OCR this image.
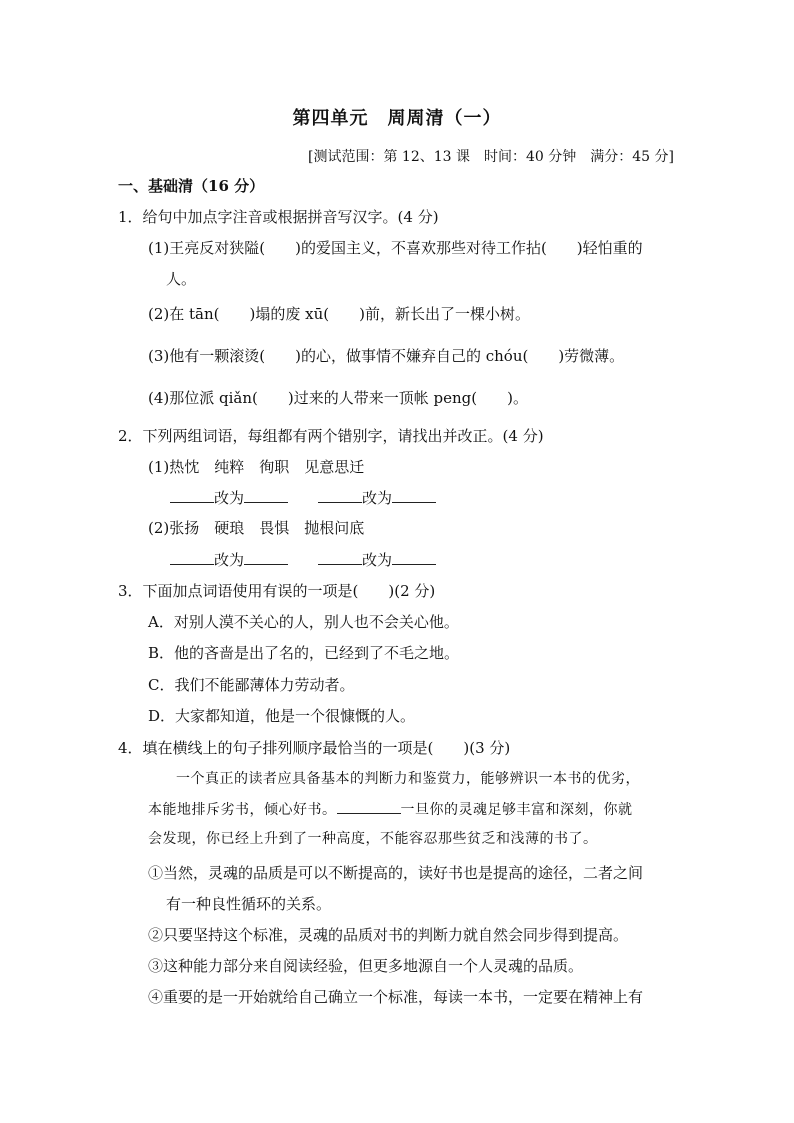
第四单元　周周清（一）
[测试范围：第 12、13 课　时间：40 分钟　满分：45 分]
一、基础清（16 分）
1．给句中加点字注音或根据拼音写汉字。(4 分)
(1)王亮反对狭隘(　　)的爱国主义，不喜欢那些对待工作拈(　　)轻怕重的
人。
(2)在 tān(　　)塌的废 xū(　　)前，新长出了一棵小树。
(3)他有一颗滚烫(　　)的心，做事情不嫌弃自己的 chóu(　　)劳微薄。
(4)那位派 qiǎn(　　)过来的人带来一顶帐 peng(　　)。
2．下列两组词语，每组都有两个错别字，请找出并改正。(4 分)
(1)热忱　纯粹　徇职　见意思迁
改为　　	改为
(2)张扬　硬琅　畏惧　抛根问底
改为　　	改为
3．下面加点词语使用有误的一项是(　　)(2 分)
A．对别人漠不关心的人，别人也不会关心他。
B．他的吝啬是出了名的，已经到了不毛之地。
C．我们不能鄙薄体力劳动者。
D．大家都知道，他是一个很慷慨的人。
4．填在横线上的句子排列顺序最恰当的一项是(　　)(3 分)
一个真正的读者应具备基本的判断力和鉴赏力，能够辨识一本书的优劣，
本能地排斥劣书，倾心好书。	一旦你的灵魂足够丰富和深刻，你就
会发现，你已经上升到了一种高度，不能容忍那些贫乏和浅薄的书了。
①当然，灵魂的品质是可以不断提高的，读好书也是提高的途径，二者之间
有一种良性循环的关系。
②只要坚持这个标准，灵魂的品质对书的判断力就自然会同步得到提高。
③这种能力部分来自阅读经验，但更多地源自一个人灵魂的品质。
④重要的是一开始就给自己确立一个标准，每读一本书，一定要在精神上有
